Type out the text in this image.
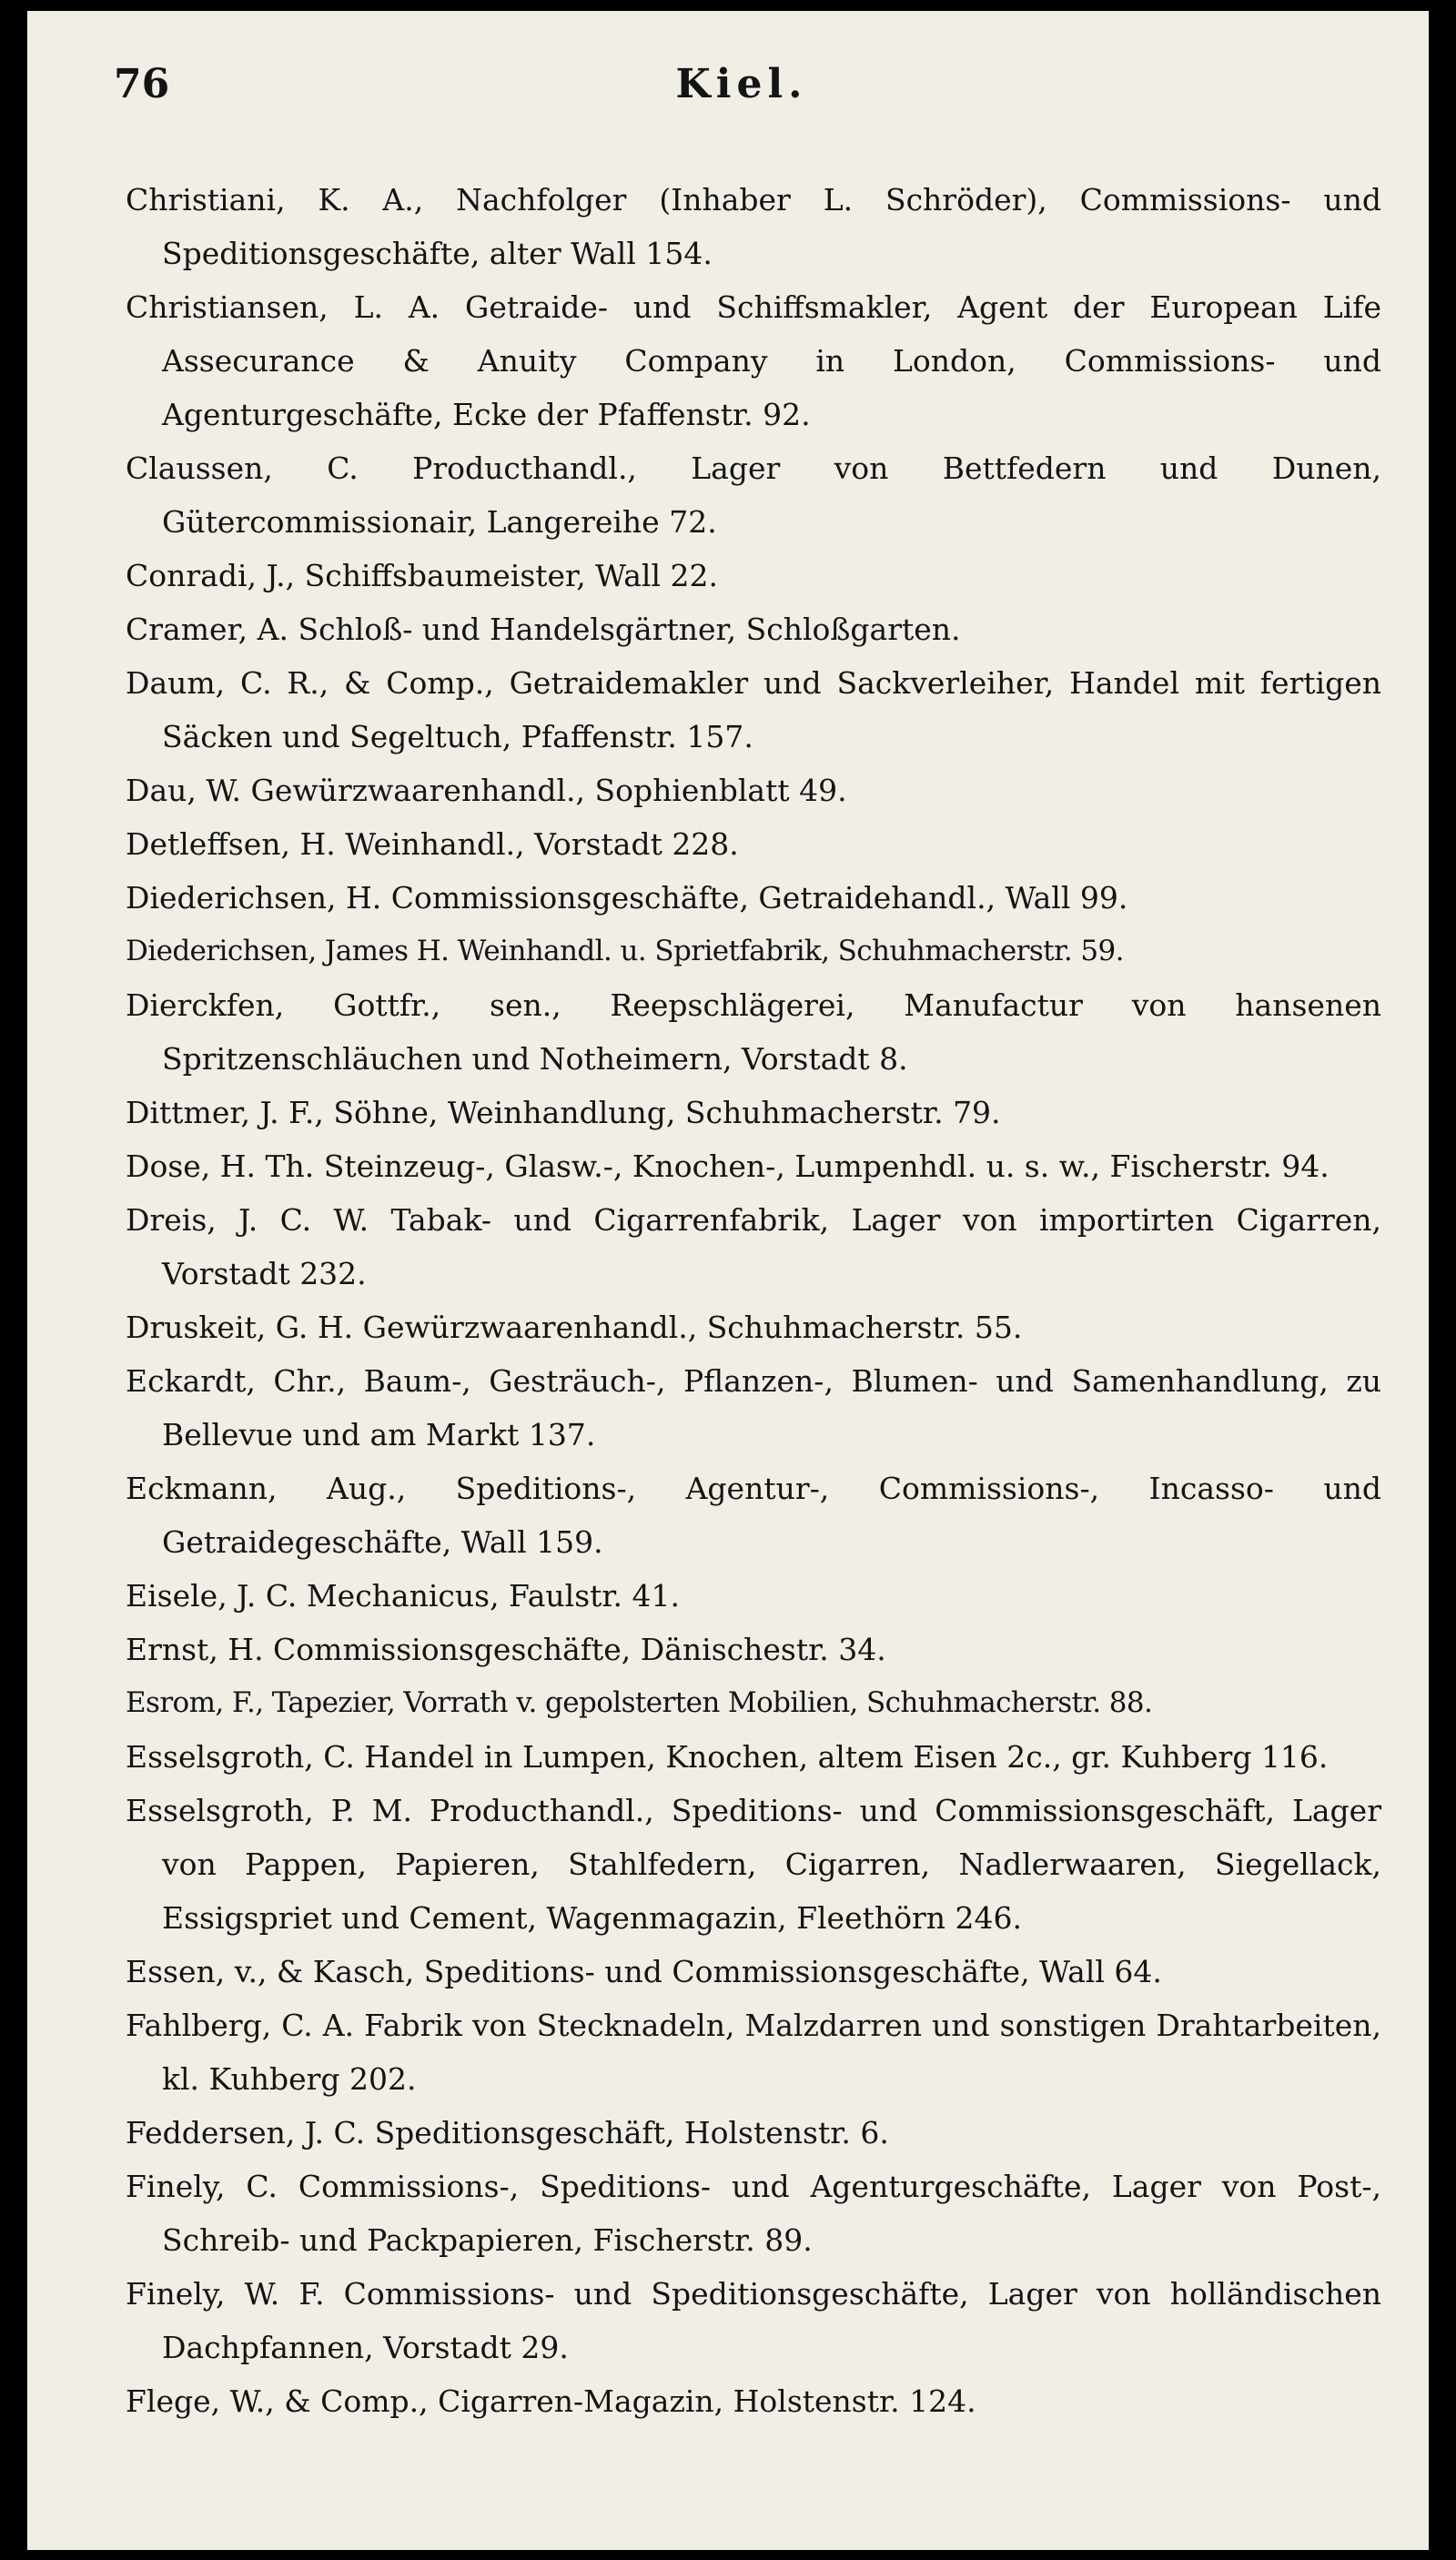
76	Kiel.

Christiani, K. A., Nachfolger (Inhaber L. Schröder), Commissions- und Speditionsgeschäfte, alter Wall 154.

Christiansen, L. A. Getraide- und Schiffsmakler, Agent der European Life Assecurance & Anuity Company in London, Commissions- und Agenturgeschäfte, Ecke der Pfaffenstr. 92.

Claussen, C. Producthandl., Lager von Bettfedern und Dunen, Gütercommissionair, Langereihe 72.

Conradi, J., Schiffsbaumeister, Wall 22.

Cramer, A. Schloß- und Handelsgärtner, Schloßgarten.

Daum, C. R., & Comp., Getraidemakler und Sackverleiher, Handel mit fertigen Säcken und Segeltuch, Pfaffenstr. 157.

Dau, W. Gewürzwaarenhandl., Sophienblatt 49.

Detleffsen, H. Weinhandl., Vorstadt 228.

Diederichsen, H. Commissionsgeschäfte, Getraidehandl., Wall 99.

Diederichsen, James H. Weinhandl. u. Sprietfabrik, Schuhmacherstr. 59.

Dierckfen, Gottfr., sen., Reepschlägerei, Manufactur von hansenen Spritzenschläuchen und Notheimern, Vorstadt 8.

Dittmer, J. F., Söhne, Weinhandlung, Schuhmacherstr. 79.

Dose, H. Th. Steinzeug-, Glasw.-, Knochen-, Lumpenhdl. u. s. w., Fischerstr. 94.

Dreis, J. C. W. Tabak- und Cigarrenfabrik, Lager von importirten Cigarren, Vorstadt 232.

Druskeit, G. H. Gewürzwaarenhandl., Schuhmacherstr. 55.

Eckardt, Chr., Baum-, Gesträuch-, Pflanzen-, Blumen- und Samenhandlung, zu Bellevue und am Markt 137.

Eckmann, Aug., Speditions-, Agentur-, Commissions-, Incasso- und Getraidegeschäfte, Wall 159.

Eisele, J. C. Mechanicus, Faulstr. 41.

Ernst, H. Commissionsgeschäfte, Dänischestr. 34.

Esrom, F., Tapezier, Vorrath v. gepolsterten Mobilien, Schuhmacherstr. 88.

Esselsgroth, C. Handel in Lumpen, Knochen, altem Eisen 2c., gr. Kuhberg 116.

Esselsgroth, P. M. Producthandl., Speditions- und Commissionsgeschäft, Lager von Pappen, Papieren, Stahlfedern, Cigarren, Nadlerwaaren, Siegellack, Essigspriet und Cement, Wagenmagazin, Fleethörn 246.

Essen, v., & Kasch, Speditions- und Commissionsgeschäfte, Wall 64.

Fahlberg, C. A. Fabrik von Stecknadeln, Malzdarren und sonstigen Drahtarbeiten, kl. Kuhberg 202.

Feddersen, J. C. Speditionsgeschäft, Holstenstr. 6.

Finely, C. Commissions-, Speditions- und Agenturgeschäfte, Lager von Post-, Schreib- und Packpapieren, Fischerstr. 89.

Finely, W. F. Commissions- und Speditionsgeschäfte, Lager von holländischen Dachpfannen, Vorstadt 29.

Flege, W., & Comp., Cigarren-Magazin, Holstenstr. 124.
